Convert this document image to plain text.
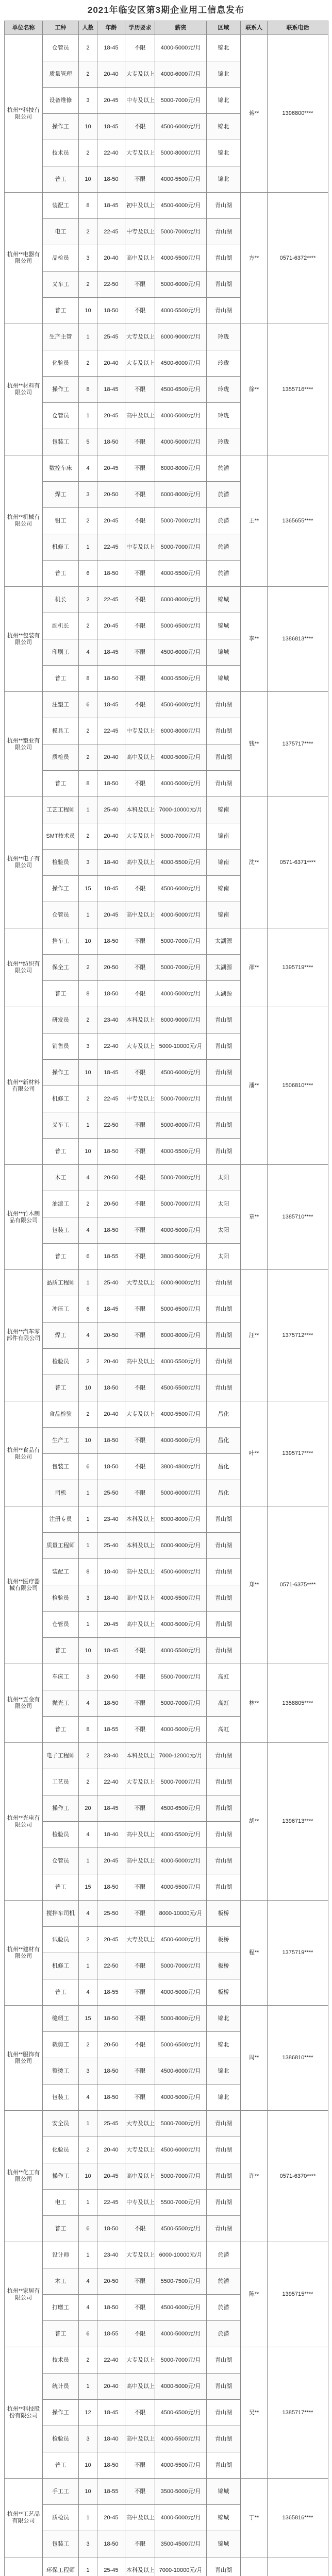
2021年临安区第3期企业用工信息发布
单位名称	工种	人数	年龄	学历要求	薪资	区域	联系人	联系电话
杭州**科技有限公司	仓管员	2	18-45	不限	4000-5000元/月	锦北	蒋**	1396800****
	质量管理	2	20-40	大专及以上	4000-6000元/月	锦北		
	设备维修	3	20-45	中专及以上	5000-7000元/月	锦北		
	操作工	10	18-45	不限	4500-6000元/月	锦北		
	技术员	2	22-40	大专及以上	5000-8000元/月	锦北		
	普工	10	18-50	不限	4000-5500元/月	锦北		
杭州**电器有限公司	装配工	8	18-45	初中及以上	4500-6000元/月	青山湖	方**	0571-6372****
	电工	2	22-45	中专及以上	5000-7000元/月	青山湖		
	品检员	3	20-40	高中及以上	4000-5500元/月	青山湖		
	叉车工	2	22-50	不限	5000-6000元/月	青山湖		
	普工	10	18-50	不限	4000-5500元/月	青山湖		
杭州**材料有限公司	生产主管	1	25-45	大专及以上	6000-9000元/月	玲珑	徐**	1355716****
	化验员	2	20-40	大专及以上	4500-6000元/月	玲珑		
	操作工	8	18-45	不限	4500-6500元/月	玲珑		
	仓管员	1	20-45	高中及以上	4000-5000元/月	玲珑		
	包装工	5	18-50	不限	4000-5000元/月	玲珑		
杭州**机械有限公司	数控车床	4	20-45	不限	6000-8000元/月	於潜	王**	1365655****
	焊工	3	20-50	不限	6000-8000元/月	於潜		
	钳工	2	20-45	不限	5000-7000元/月	於潜		
	机修工	1	22-45	中专及以上	5000-7000元/月	於潜		
	普工	6	18-50	不限	4000-5500元/月	於潜		
杭州**包装有限公司	机长	2	22-45	不限	6000-8000元/月	锦城	李**	1386813****
	副机长	2	20-45	不限	5000-6500元/月	锦城		
	印刷工	4	18-45	不限	4500-6000元/月	锦城		
	普工	8	18-50	不限	4000-5500元/月	锦城		
杭州**塑业有限公司	注塑工	6	18-45	不限	4500-6000元/月	青山湖	钱**	1375717****
	模具工	2	22-45	中专及以上	6000-8000元/月	青山湖		
	质检员	2	20-40	高中及以上	4000-5000元/月	青山湖		
	普工	8	18-50	不限	4000-5000元/月	青山湖		
杭州**电子有限公司	工艺工程师	1	25-40	本科及以上	7000-10000元/月	锦南	沈**	0571-6371****
	SMT技术员	2	20-40	大专及以上	5000-7000元/月	锦南		
	检验员	3	18-40	高中及以上	4000-5500元/月	锦南		
	操作工	15	18-45	不限	4500-6000元/月	锦南		
	仓管员	1	20-45	高中及以上	4000-5000元/月	锦南		
杭州**纺织有限公司	挡车工	10	18-50	不限	5000-7000元/月	太湖源	邵**	1395719****
	保全工	2	20-50	不限	5000-7000元/月	太湖源		
	普工	8	18-50	不限	4000-5000元/月	太湖源		
杭州**新材料有限公司	研发员	2	23-40	本科及以上	6000-9000元/月	青山湖	潘**	1506810****
	销售员	3	22-40	大专及以上	5000-10000元/月	青山湖		
	操作工	10	18-45	不限	4500-6000元/月	青山湖		
	机修工	2	22-45	中专及以上	5000-7000元/月	青山湖		
	叉车工	1	22-50	不限	5000-6000元/月	青山湖		
	普工	10	18-50	不限	4000-5500元/月	青山湖		
杭州**竹木制品有限公司	木工	4	20-50	不限	5000-7000元/月	太阳	章**	1385710****
	油漆工	2	20-50	不限	5000-7000元/月	太阳		
	包装工	4	18-50	不限	4000-5000元/月	太阳		
	普工	6	18-55	不限	3800-5000元/月	太阳		
杭州**汽车零部件有限公司	品质工程师	1	25-40	大专及以上	6000-9000元/月	青山湖	汪**	1375712****
	冲压工	6	18-45	不限	5000-6500元/月	青山湖		
	焊工	4	20-50	不限	6000-8000元/月	青山湖		
	检验员	2	20-40	高中及以上	4000-5500元/月	青山湖		
	普工	10	18-50	不限	4500-5500元/月	青山湖		
杭州**食品有限公司	食品检验	2	20-40	大专及以上	4000-5500元/月	昌化	叶**	1395717****
	生产工	10	18-50	不限	4000-5000元/月	昌化		
	包装工	6	18-50	不限	3800-4800元/月	昌化		
	司机	1	25-50	不限	5000-6000元/月	昌化		
杭州**医疗器械有限公司	注册专员	1	23-40	本科及以上	6000-8000元/月	青山湖	郑**	0571-6375****
	质量工程师	1	25-40	本科及以上	6000-9000元/月	青山湖		
	装配工	8	18-40	高中及以上	4500-6000元/月	青山湖		
	检验员	3	18-40	高中及以上	4000-5500元/月	青山湖		
	仓管员	1	20-45	高中及以上	4000-5000元/月	青山湖		
	普工	10	18-45	不限	4000-5500元/月	青山湖		
杭州**五金有限公司	车床工	3	20-50	不限	5500-7000元/月	高虹	林**	1358805****
	抛光工	4	18-50	不限	5000-7000元/月	高虹		
	普工	8	18-55	不限	4000-5000元/月	高虹		
杭州**光电有限公司	电子工程师	2	23-40	本科及以上	7000-12000元/月	青山湖	胡**	1396713****
	工艺员	2	22-40	大专及以上	5000-7000元/月	青山湖		
	操作工	20	18-45	不限	4500-6500元/月	青山湖		
	检验员	4	18-40	高中及以上	4000-5500元/月	青山湖		
	仓管员	1	20-45	高中及以上	4000-5000元/月	青山湖		
	普工	15	18-50	不限	4000-5500元/月	青山湖		
杭州**建材有限公司	搅拌车司机	4	25-50	不限	8000-10000元/月	板桥	程**	1375719****
	试验员	2	20-45	大专及以上	4500-6000元/月	板桥		
	机修工	1	22-50	不限	5000-7000元/月	板桥		
	普工	4	18-55	不限	4000-5000元/月	板桥		
杭州**服饰有限公司	缝纫工	15	18-50	不限	5000-8000元/月	锦北	周**	1386810****
	裁剪工	2	20-50	不限	5000-6500元/月	锦北		
	整烫工	3	18-50	不限	4500-6000元/月	锦北		
	包装工	4	18-50	不限	4000-5000元/月	锦北		
杭州**化工有限公司	安全员	1	25-45	大专及以上	5000-7000元/月	青山湖	许**	0571-6370****
	化验员	2	20-40	大专及以上	4500-6000元/月	青山湖		
	操作工	10	20-45	高中及以上	5000-7000元/月	青山湖		
	电工	1	22-45	中专及以上	5500-7000元/月	青山湖		
	普工	6	18-50	不限	4500-5500元/月	青山湖		
杭州**家居有限公司	设计师	1	23-40	大专及以上	6000-10000元/月	於潜	陈**	1395715****
	木工	4	20-50	不限	5500-7500元/月	於潜		
	打磨工	4	18-50	不限	4500-6000元/月	於潜		
	普工	6	18-55	不限	4000-5000元/月	於潜		
杭州**科技股份有限公司	技术员	2	22-40	大专及以上	5000-7000元/月	青山湖	吴**	1385717****
	统计员	1	20-40	高中及以上	4000-5000元/月	青山湖		
	操作工	12	18-45	不限	4500-6500元/月	青山湖		
	检验员	3	18-40	高中及以上	4000-5500元/月	青山湖		
	普工	10	18-50	不限	4000-5500元/月	青山湖		
杭州**工艺品有限公司	手工工	10	18-55	不限	3500-5000元/月	锦城	丁**	1365816****
	质检员	1	20-45	高中及以上	4000-5000元/月	锦城		
	包装工	3	18-50	不限	3500-4500元/月	锦城		
	环保工程师	1	25-45	本科及以上	7000-10000元/月	青山湖		
